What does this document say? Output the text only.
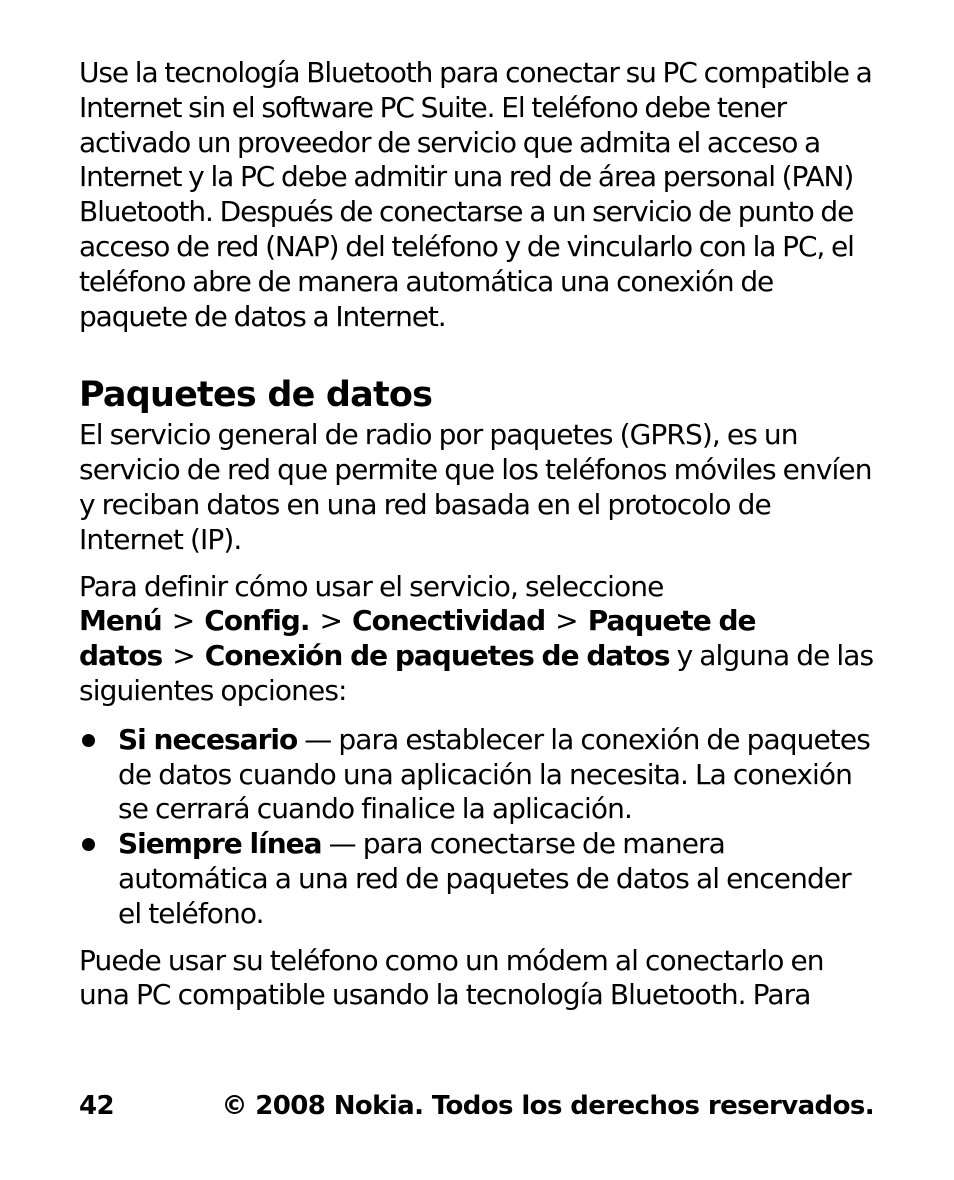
Use la tecnología Bluetooth para conectar su PC compatible a Internet sin el software PC Suite. El teléfono debe tener activado un proveedor de servicio que admita el acceso a Internet y la PC debe admitir una red de área personal (PAN) Bluetooth. Después de conectarse a un servicio de punto de acceso de red (NAP) del teléfono y de vincularlo con la PC, el teléfono abre de manera automática una conexión de paquete de datos a Internet.

Paquetes de datos

El servicio general de radio por paquetes (GPRS), es un servicio de red que permite que los teléfonos móviles envíen y reciban datos en una red basada en el protocolo de Internet (IP).

Para definir cómo usar el servicio, seleccione Menú > Config. > Conectividad > Paquete de datos > Conexión de paquetes de datos y alguna de las siguientes opciones:

Si necesario — para establecer la conexión de paquetes de datos cuando una aplicación la necesita. La conexión se cerrará cuando finalice la aplicación.
Siempre línea — para conectarse de manera automática a una red de paquetes de datos al encender el teléfono.

Puede usar su teléfono como un módem al conectarlo en una PC compatible usando la tecnología Bluetooth. Para

42	© 2008 Nokia. Todos los derechos reservados.
